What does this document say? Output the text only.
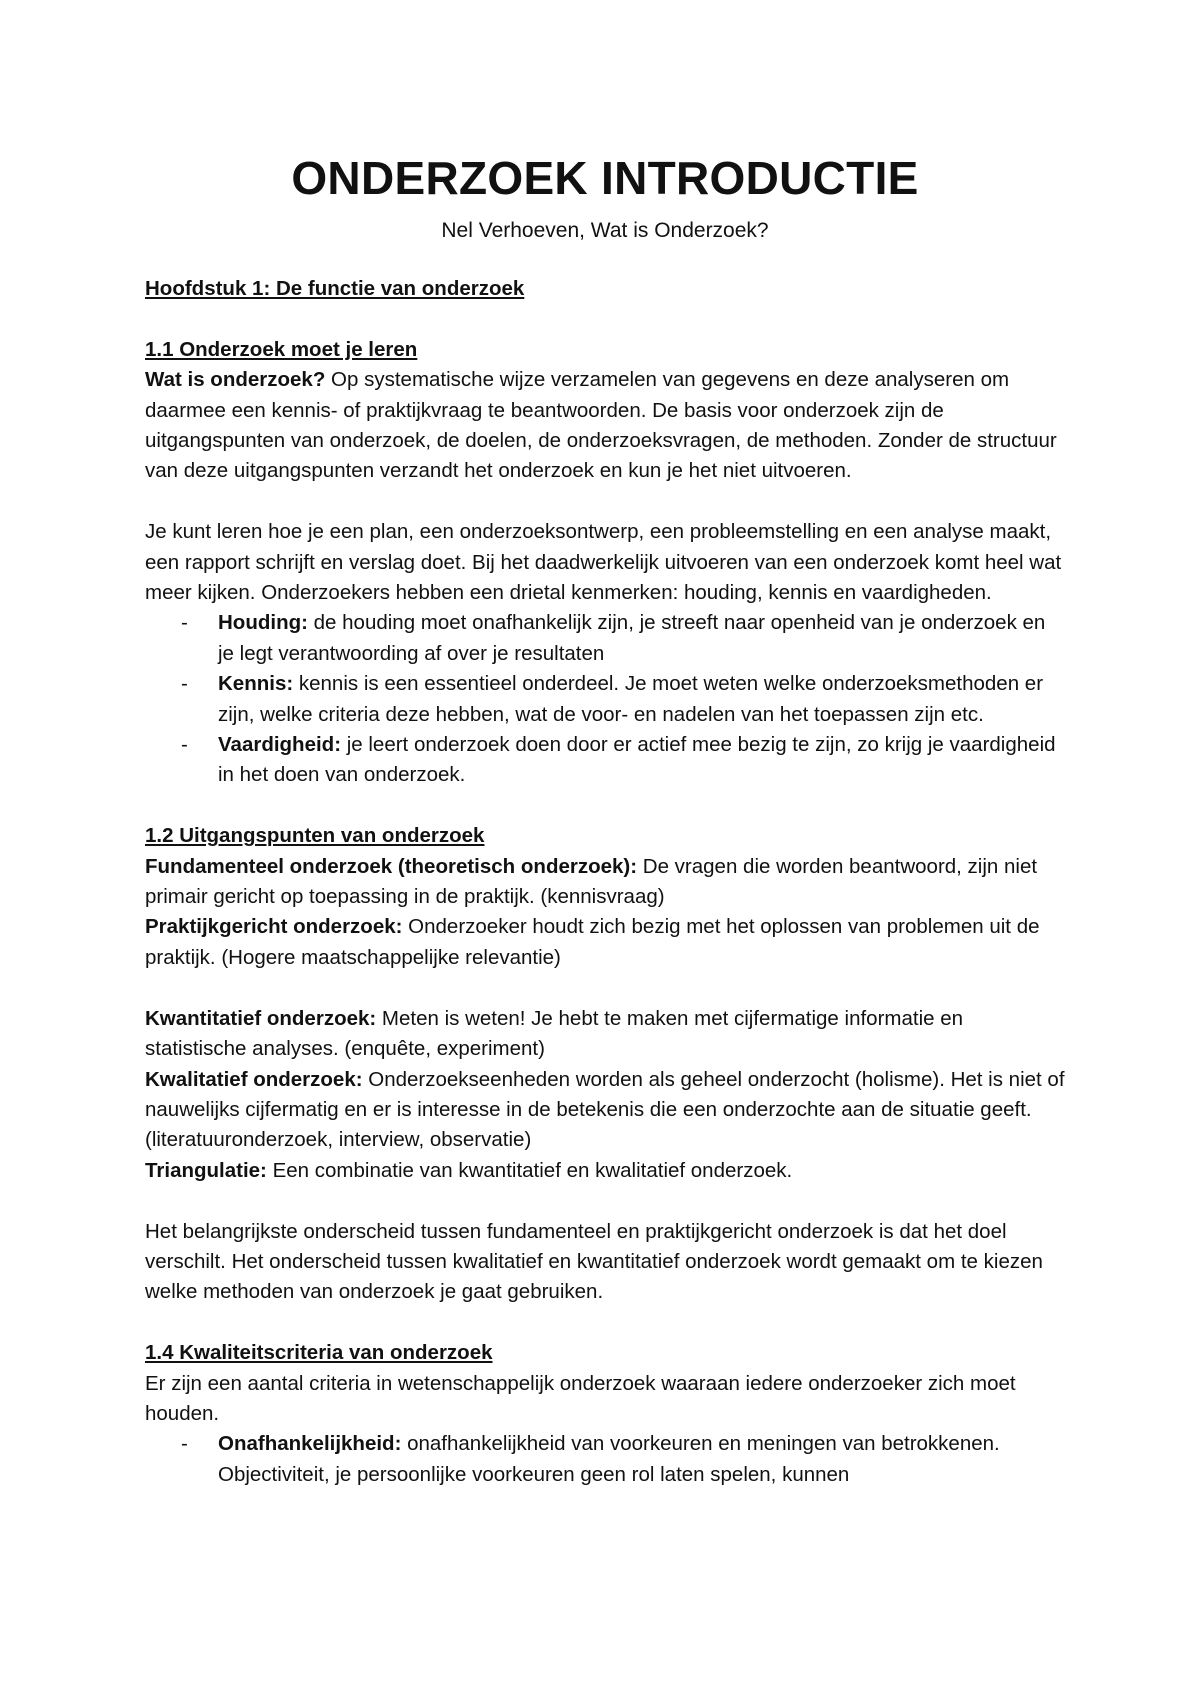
ONDERZOEK INTRODUCTIE
Nel Verhoeven, Wat is Onderzoek?
Hoofdstuk 1: De functie van onderzoek
1.1 Onderzoek moet je leren

Wat is onderzoek? Op systematische wijze verzamelen van gegevens en deze analyseren om daarmee een kennis- of praktijkvraag te beantwoorden. De basis voor onderzoek zijn de uitgangspunten van onderzoek, de doelen, de onderzoeksvragen, de methoden. Zonder de structuur van deze uitgangspunten verzandt het onderzoek en kun je het niet uitvoeren.

Je kunt leren hoe je een plan, een onderzoeksontwerp, een probleemstelling en een analyse maakt, een rapport schrijft en verslag doet. Bij het daadwerkelijk uitvoeren van een onderzoek komt heel wat meer kijken. Onderzoekers hebben een drietal kenmerken: houding, kennis en vaardigheden.

- Houding: de houding moet onafhankelijk zijn, je streeft naar openheid van je onderzoek en je legt verantwoording af over je resultaten
- Kennis: kennis is een essentieel onderdeel. Je moet weten welke onderzoeksmethoden er zijn, welke criteria deze hebben, wat de voor- en nadelen van het toepassen zijn etc.
- Vaardigheid: je leert onderzoek doen door er actief mee bezig te zijn, zo krijg je vaardigheid in het doen van onderzoek.
1.2 Uitgangspunten van onderzoek

Fundamenteel onderzoek (theoretisch onderzoek): De vragen die worden beantwoord, zijn niet primair gericht op toepassing in de praktijk. (kennisvraag)

Praktijkgericht onderzoek: Onderzoeker houdt zich bezig met het oplossen van problemen uit de praktijk. (Hogere maatschappelijke relevantie)

Kwantitatief onderzoek: Meten is weten! Je hebt te maken met cijfermatige informatie en statistische analyses. (enquête, experiment)

Kwalitatief onderzoek: Onderzoekseenheden worden als geheel onderzocht (holisme). Het is niet of nauwelijks cijfermatig en er is interesse in de betekenis die een onderzochte aan de situatie geeft. (literatuuronderzoek, interview, observatie)

Triangulatie: Een combinatie van kwantitatief en kwalitatief onderzoek.

Het belangrijkste onderscheid tussen fundamenteel en praktijkgericht onderzoek is dat het doel verschilt. Het onderscheid tussen kwalitatief en kwantitatief onderzoek wordt gemaakt om te kiezen welke methoden van onderzoek je gaat gebruiken.

1.4 Kwaliteitscriteria van onderzoek

Er zijn een aantal criteria in wetenschappelijk onderzoek waaraan iedere onderzoeker zich moet houden.

- Onafhankelijkheid: onafhankelijkheid van voorkeuren en meningen van betrokkenen. Objectiviteit, je persoonlijke voorkeuren geen rol laten spelen, kunnen
